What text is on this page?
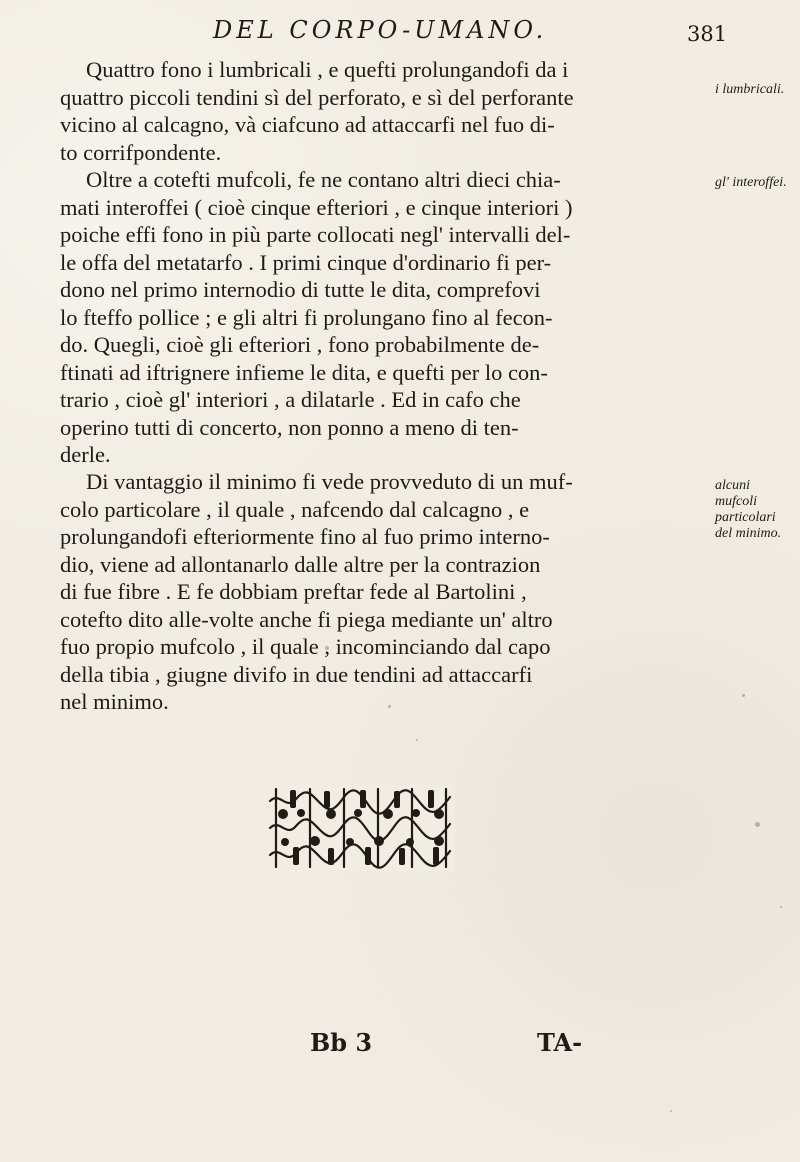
DEL CORPO-UMANO.	381
Quattro fono i lumbricali , e quefti prolungandofi da i
quattro piccoli tendini sì del perforato, e sì del perforante
vicino al calcagno, và ciafcuno ad attaccarfi nel fuo di-
to corrifpondente.
Oltre a cotefti mufcoli, fe ne contano altri dieci chia-
mati interoffei ( cioè cinque efteriori , e cinque interiori )
poiche effi fono in più parte collocati negl' intervalli del-
le offa del metatarfo . I primi cinque d'ordinario fi per-
dono nel primo internodio di tutte le dita, comprefovi
lo fteffo pollice ; e gli altri fi prolungano fino al fecon-
do. Quegli, cioè gli efteriori , fono probabilmente de-
ftinati ad iftrignere infieme le dita, e quefti per lo con-
trario , cioè gl' interiori , a dilatarle . Ed in cafo che
operino tutti di concerto, non ponno a meno di ten-
derle.
Di vantaggio il minimo fi vede provveduto di un muf-
colo particolare , il quale , nafcendo dal calcagno , e
prolungandofi efteriormente fino al fuo primo interno-
dio, viene ad allontanarlo dalle altre per la contrazion
di fue fibre . E fe dobbiam preftar fede al Bartolini ,
cotefto dito alle-volte anche fi piega mediante un' altro
fuo propio mufcolo , il quale , incominciando dal capo
della tibia , giugne divifo in due tendini ad attaccarfi
nel minimo.
i lumbricali.
gl' interoffei.
alcuni mufcoli particolari del minimo.
Bb 3	TA-
